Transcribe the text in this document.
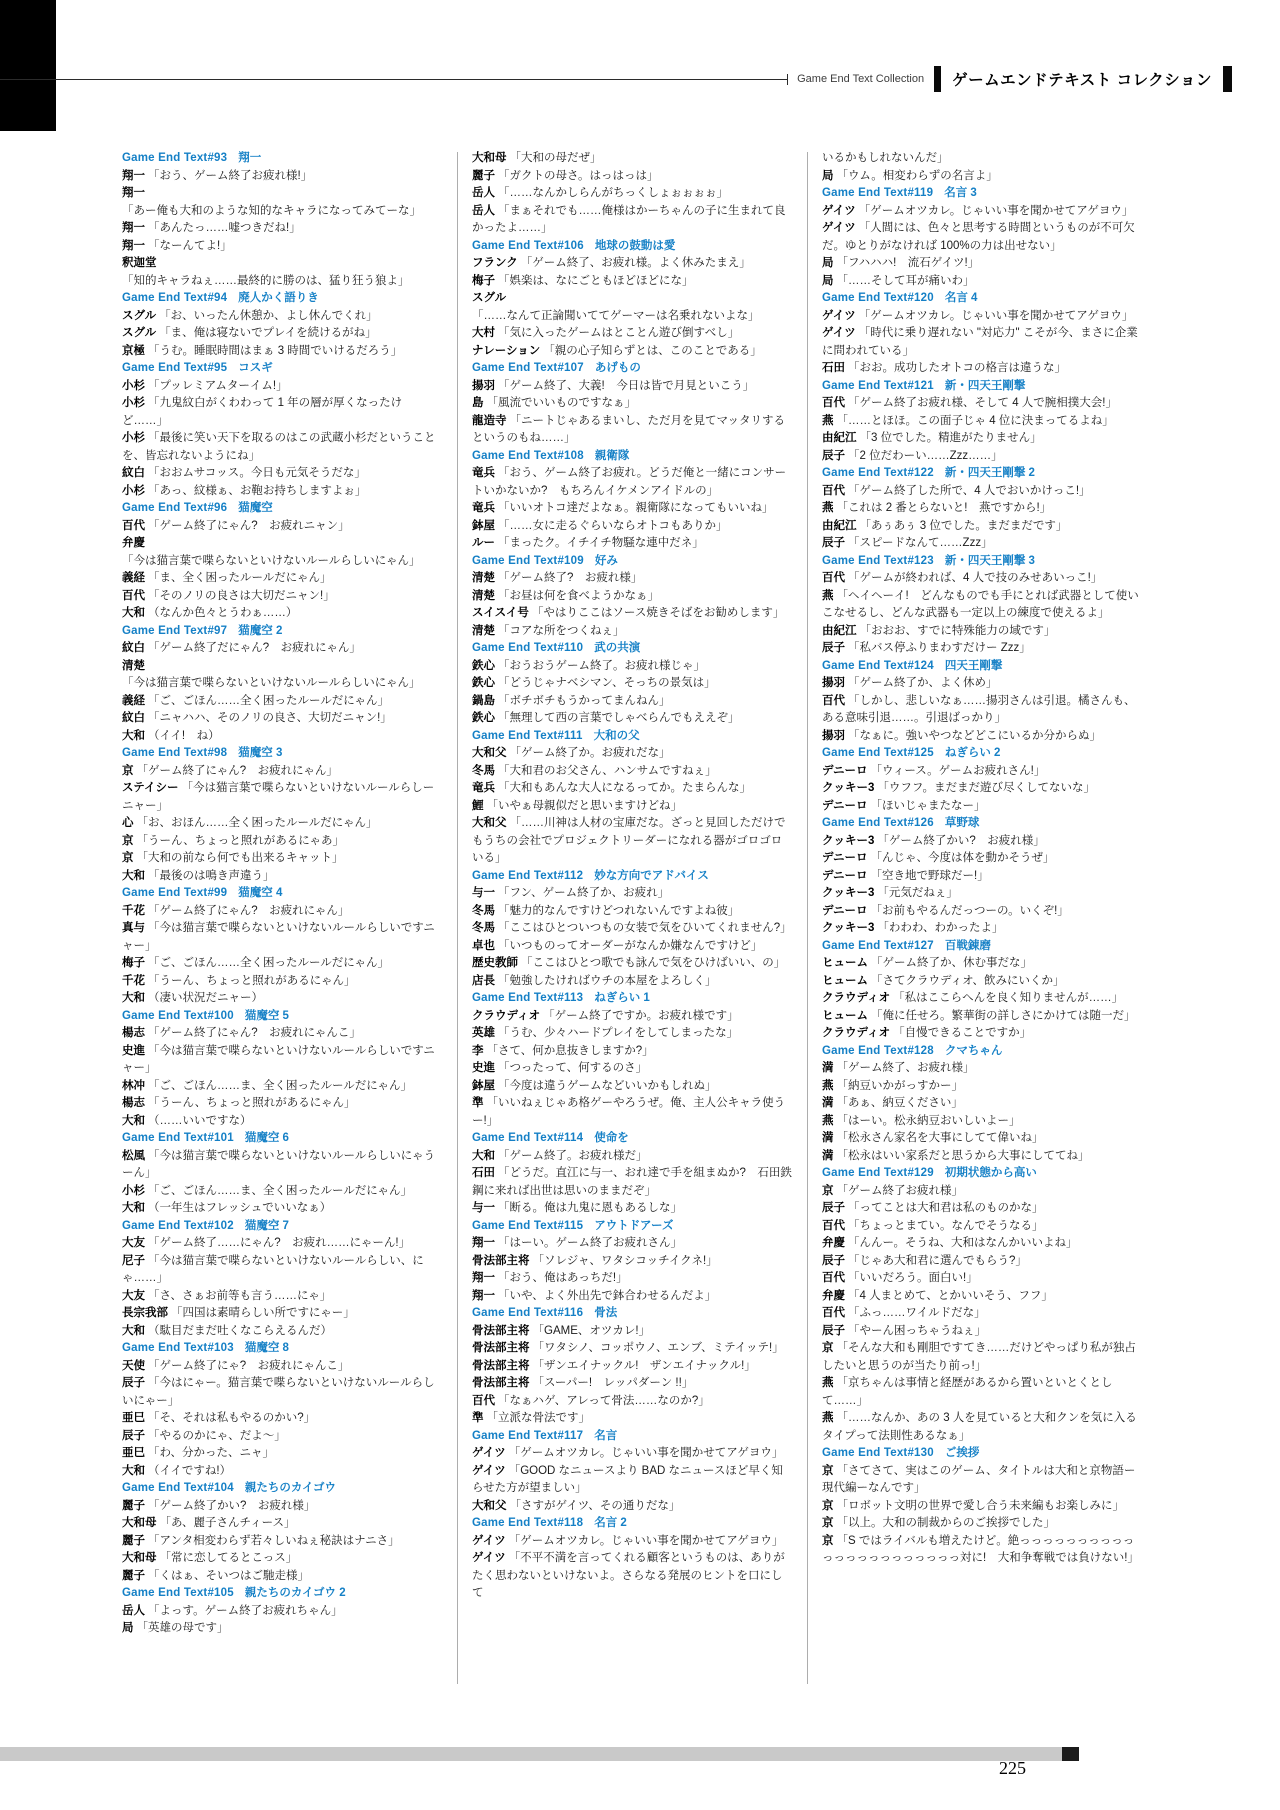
Game End Text Collection ゲームエンドテキスト コレクション

Game End Text#93 翔一

翔一 「おう、ゲーム終了お疲れ様!」

翔一「あー俺も大和のような知的なキャラになってみてーな」

翔一 「あんたっ……嘘つきだね!」

翔一 「なーんてよ!」

釈迦堂「知的キャラねぇ……最終的に勝のは、猛り狂う狼よ」

Game End Text#94 廃人かく語りき

スグル 「お、いったん休憩か、よし休んでくれ」

スグル 「ま、俺は寝ないでプレイを続けるがね」

京極 「うむ。睡眠時間はまぁ 3 時間でいけるだろう」

Game End Text#95 コスギ

小杉 「プッレミアムターイム!」

小杉 「九鬼紋白がくわわって 1 年の層が厚くなったけど……」

小杉 「最後に笑い天下を取るのはこの武蔵小杉だということを、皆忘れないようにね」

紋白 「おおムサコッス。今日も元気そうだな」

小杉 「あっ、紋様ぁ、お鞄お持ちしますよぉ」

Game End Text#96 猫魔空

百代 「ゲーム終了にゃん?　お疲れニャン」

弁慶「今は猫言葉で喋らないといけないルールらしいにゃん」

義経 「ま、全く困ったルールだにゃん」

百代 「そのノリの良さは大切だニャン!」

大和 （なんか色々とうわぁ……）

Game End Text#97 猫魔空 2

紋白 「ゲーム終了だにゃん?　お疲れにゃん」

清楚「今は猫言葉で喋らないといけないルールらしいにゃん」

義経 「ご、ごほん……全く困ったルールだにゃん」

紋白 「ニャハハ、そのノリの良さ、大切だニャン!」

大和 （イイ!　ね）

Game End Text#98 猫魔空 3

京 「ゲーム終了にゃん?　お疲れにゃん」

ステイシー 「今は猫言葉で喋らないといけないルールらしーニャー」

心 「お、おほん……全く困ったルールだにゃん」

京 「うーん、ちょっと照れがあるにゃあ」

京 「大和の前なら何でも出来るキャット」

大和 「最後のは鳴き声違う」

Game End Text#99 猫魔空 4

千花 「ゲーム終了にゃん?　お疲れにゃん」

真与 「今は猫言葉で喋らないといけないルールらしいですニャー」

梅子 「ご、ごほん……全く困ったルールだにゃん」

千花 「うーん、ちょっと照れがあるにゃん」

大和 （凄い状況だニャー）

Game End Text#100 猫魔空 5

楊志 「ゲーム終了にゃん?　お疲れにゃんこ」

史進 「今は猫言葉で喋らないといけないルールらしいですニャー」

林冲 「ご、ごほん……ま、全く困ったルールだにゃん」

楊志 「うーん、ちょっと照れがあるにゃん」

大和 （……いいですな）

Game End Text#101 猫魔空 6

松風 「今は猫言葉で喋らないといけないルールらしいにゃうーん」

小杉 「ご、ごほん……ま、全く困ったルールだにゃん」

大和 （一年生はフレッシュでいいなぁ）

Game End Text#102 猫魔空 7

大友 「ゲーム終了……にゃん?　お疲れ……にゃーん!」

尼子 「今は猫言葉で喋らないといけないルールらしい、にゃ……」

大友 「さ、さぁお前等も言う……にゃ」

長宗我部 「四国は素晴らしい所ですにゃー」

大和 （駄目だまだ吐くなこらえるんだ）

Game End Text#103 猫魔空 8

天使 「ゲーム終了にゃ?　お疲れにゃんこ」

辰子 「今はにゃー。猫言葉で喋らないといけないルールらしいにゃー」

亜巳 「そ、それは私もやるのかい?」

辰子 「やるのかにゃ、だよ～」

亜巳 「わ、分かった、ニャ」

大和 （イイですね!）

Game End Text#104 親たちのカイゴウ

麗子 「ゲーム終了かい?　お疲れ様」

大和母 「あ、麗子さんチィース」

麗子 「アンタ相変わらず若々しいねぇ秘訣はナニさ」

大和母 「常に恋してるとこっス」

麗子 「くはぁ、そいつはご馳走様」

Game End Text#105 親たちのカイゴウ 2

岳人 「よっす。ゲーム終了お疲れちゃん」

局 「英雄の母です」

大和母 「大和の母だぜ」

麗子 「ガクトの母さ。はっはっは」

岳人 「……なんかしらんがちっくしょぉぉぉぉ」

岳人 「まぁそれでも……俺様はかーちゃんの子に生まれて良かったよ……」

Game End Text#106 地球の鼓動は愛

フランク 「ゲーム終了、お疲れ様。よく休みたまえ」

梅子 「娯楽は、なにごともほどほどにな」

スグル「……なんて正論聞いててゲーマーは名乗れないよな」

大村 「気に入ったゲームはとことん遊び倒すべし」

ナレーション 「親の心子知らずとは、このことである」

Game End Text#107 あげもの

揚羽 「ゲーム終了、大義!　今日は皆で月見といこう」

島 「風流でいいものですなぁ」

龍造寺 「ニートじゃあるまいし、ただ月を見てマッタリするというのもね……」

Game End Text#108 親衛隊

竜兵 「おう、ゲーム終了お疲れ。どうだ俺と一緒にコンサートいかないか?　もちろんイケメンアイドルの」

竜兵 「いいオトコ達だよなぁ。親衛隊になってもいいね」

鉢屋 「……女に走るぐらいならオトコもありか」

ルー 「まったク。イチイチ物騒な連中だネ」

Game End Text#109 好み

清楚 「ゲーム終了?　お疲れ様」

清楚 「お昼は何を食べようかなぁ」

スイスイ号 「やはりここはソース焼きそばをお勧めします」

清楚 「コアな所をつくねぇ」

Game End Text#110 武の共演

鉄心 「おうおうゲーム終了。お疲れ様じゃ」

鉄心 「どうじゃナベシマン、そっちの景気は」

鍋島 「ボチボチもうかってまんねん」

鉄心 「無理して西の言葉でしゃべらんでもええぞ」

Game End Text#111 大和の父

大和父 「ゲーム終了か。お疲れだな」

冬馬 「大和君のお父さん、ハンサムですねぇ」

竜兵 「大和もあんな大人になるってか。たまらんな」

鯉 「いやぁ母親似だと思いますけどね」

大和父 「……川神は人材の宝庫だな。ざっと見回しただけでもうちの会社でプロジェクトリーダーになれる器がゴロゴロいる」

Game End Text#112 妙な方向でアドバイス

与一 「フン、ゲーム終了か、お疲れ」

冬馬 「魅力的なんですけどつれないんですよね彼」

冬馬 「ここはひとついつもの女装で気をひいてくれません?」

卓也 「いつものってオーダーがなんか嫌なんですけど」

歴史教師 「ここはひとつ歌でも詠んで気をひけばいい、の」

店長 「勉強したければウチの本屋をよろしく」

Game End Text#113 ねぎらい 1

クラウディオ 「ゲーム終了ですか。お疲れ様です」

英雄 「うむ、少々ハードプレイをしてしまったな」

李 「さて、何か息抜きしますか?」

史進 「つったって、何するのさ」

鉢屋 「今度は違うゲームなどいいかもしれぬ」

準 「いいねぇじゃあ格ゲーやろうぜ。俺、主人公キャラ使うー!」

Game End Text#114 使命を

大和 「ゲーム終了。お疲れ様だ」

石田 「どうだ。直江に与一、おれ達で手を組まぬか?　石田鉄鋼に来れば出世は思いのままだぞ」

与一 「断る。俺は九鬼に恩もあるしな」

Game End Text#115 アウトドアーズ

翔一 「はーい。ゲーム終了お疲れさん」

骨法部主将 「ソレジャ、ワタシコッチイクネ!」

翔一 「おう、俺はあっちだ!」

翔一 「いや、よく外出先で鉢合わせるんだよ」

Game End Text#116 骨法

骨法部主将 「GAME、オツカレ!」

骨法部主将 「ワタシノ、コッポウノ、エンブ、ミテイッテ!」

骨法部主将 「ザンエイナックル!　ザンエイナックル!」

骨法部主将 「スーパー!　レッパダーン !!」

百代 「なぁハゲ、アレって骨法……なのか?」

準 「立派な骨法です」

Game End Text#117 名言

ゲイツ 「ゲームオツカレ。じゃいい事を聞かせてアゲヨウ」

ゲイツ 「GOOD なニュースより BAD なニュースほど早く知らせた方が望ましい」

大和父 「さすがゲイツ、その通りだな」

Game End Text#118 名言 2

ゲイツ 「ゲームオツカレ。じゃいい事を聞かせてアゲヨウ」

ゲイツ 「不平不満を言ってくれる顧客というものは、ありがたく思わないといけないよ。さらなる発展のヒントを口にして

いるかもしれないんだ」

局 「ウム。相変わらずの名言よ」

Game End Text#119 名言 3

ゲイツ 「ゲームオツカレ。じゃいい事を聞かせてアゲヨウ」

ゲイツ 「人間には、色々と思考する時間というものが不可欠だ。ゆとりがなければ 100%の力は出せない」

局 「フハハハ!　流石ゲイツ!」

局 「……そして耳が痛いわ」

Game End Text#120 名言 4

ゲイツ 「ゲームオツカレ。じゃいい事を聞かせてアゲヨウ」

ゲイツ 「時代に乗り遅れない "対応力" こそが今、まさに企業に問われている」

石田 「おお。成功したオトコの格言は違うな」

Game End Text#121 新・四天王剛撃

百代 「ゲーム終了お疲れ様、そして 4 人で腕相撲大会!」

燕 「……とほほ。この面子じゃ 4 位に決まってるよね」

由紀江 「3 位でした。精進がたりません」

辰子 「2 位だわーい……Zzz……」

Game End Text#122 新・四天王剛撃 2

百代 「ゲーム終了した所で、4 人でおいかけっこ!」

燕 「これは 2 番とらないと!　燕ですから!」

由紀江 「あぅあぅ 3 位でした。まだまだです」

辰子 「スピードなんて……Zzz」

Game End Text#123 新・四天王剛撃 3

百代 「ゲームが終われば、4 人で技のみせあいっこ!」

燕 「ヘイヘーイ!　どんなものでも手にとれば武器として使いこなせるし、どんな武器も一定以上の練度で使えるよ」

由紀江 「おおお、すでに特殊能力の域です」

辰子 「私バス停ふりまわすだけー Zzz」

Game End Text#124 四天王剛撃

揚羽 「ゲーム終了か、よく休め」

百代 「しかし、悲しいなぁ……揚羽さんは引退。橘さんも、ある意味引退……。引退ばっかり」

揚羽 「なぁに。強いやつなどどこにいるか分からぬ」

Game End Text#125 ねぎらい 2

デニーロ 「ウィース。ゲームお疲れさん!」

クッキー3 「ウフフ。まだまだ遊び尽くしてないな」

デニーロ 「ほいじゃまたなー」

Game End Text#126 草野球

クッキー3 「ゲーム終了かい?　お疲れ様」

デニーロ 「んじゃ、今度は体を動かそうぜ」

デニーロ 「空き地で野球だー!」

クッキー3 「元気だねぇ」

デニーロ 「お前もやるんだっつーの。いくぞ!」

クッキー3 「わわわ、わかったよ」

Game End Text#127 百戦錬磨

ヒューム 「ゲーム終了か、休む事だな」

ヒューム 「さてクラウディオ、飲みにいくか」

クラウディオ 「私はここらへんを良く知りませんが……」

ヒューム 「俺に任せろ。繁華街の詳しさにかけては随一だ」

クラウディオ 「自慢できることですか」

Game End Text#128 クマちゃん

満 「ゲーム終了、お疲れ様」

燕 「納豆いかがっすかー」

満 「あぁ、納豆ください」

燕 「はーい。松永納豆おいしいよー」

満 「松永さん家名を大事にしてて偉いね」

満 「松永はいい家系だと思うから大事にしててね」

Game End Text#129 初期状態から高い

京 「ゲーム終了お疲れ様」

辰子 「ってことは大和君は私のものかな」

百代 「ちょっとまてい。なんでそうなる」

弁慶 「んんー。そうね、大和はなんかいいよね」

辰子 「じゃあ大和君に選んでもらう?」

百代 「いいだろう。面白い!」

弁慶 「4 人まとめて、とかいいそう、フフ」

百代 「ふっ……ワイルドだな」

辰子 「やーん困っちゃうねぇ」

京 「そんな大和も剛胆ですてき……だけどやっぱり私が独占したいと思うのが当たり前っ!」

燕 「京ちゃんは事情と経歴があるから置いといとくとして……」

燕 「……なんか、あの 3 人を見ていると大和クンを気に入るタイプって法則性あるなぁ」

Game End Text#130 ご挨拶

京 「さてさて、実はこのゲーム、タイトルは大和と京物語ー現代編ーなんです」

京 「ロボット文明の世界で愛し合う未来編もお楽しみに」

京 「以上。大和の制裁からのご挨拶でした」

京 「S ではライバルも増えたけど。絶っっっっっっっっっっっっっっっっっっっっっっ対に!　大和争奪戦では負けない!」

225
